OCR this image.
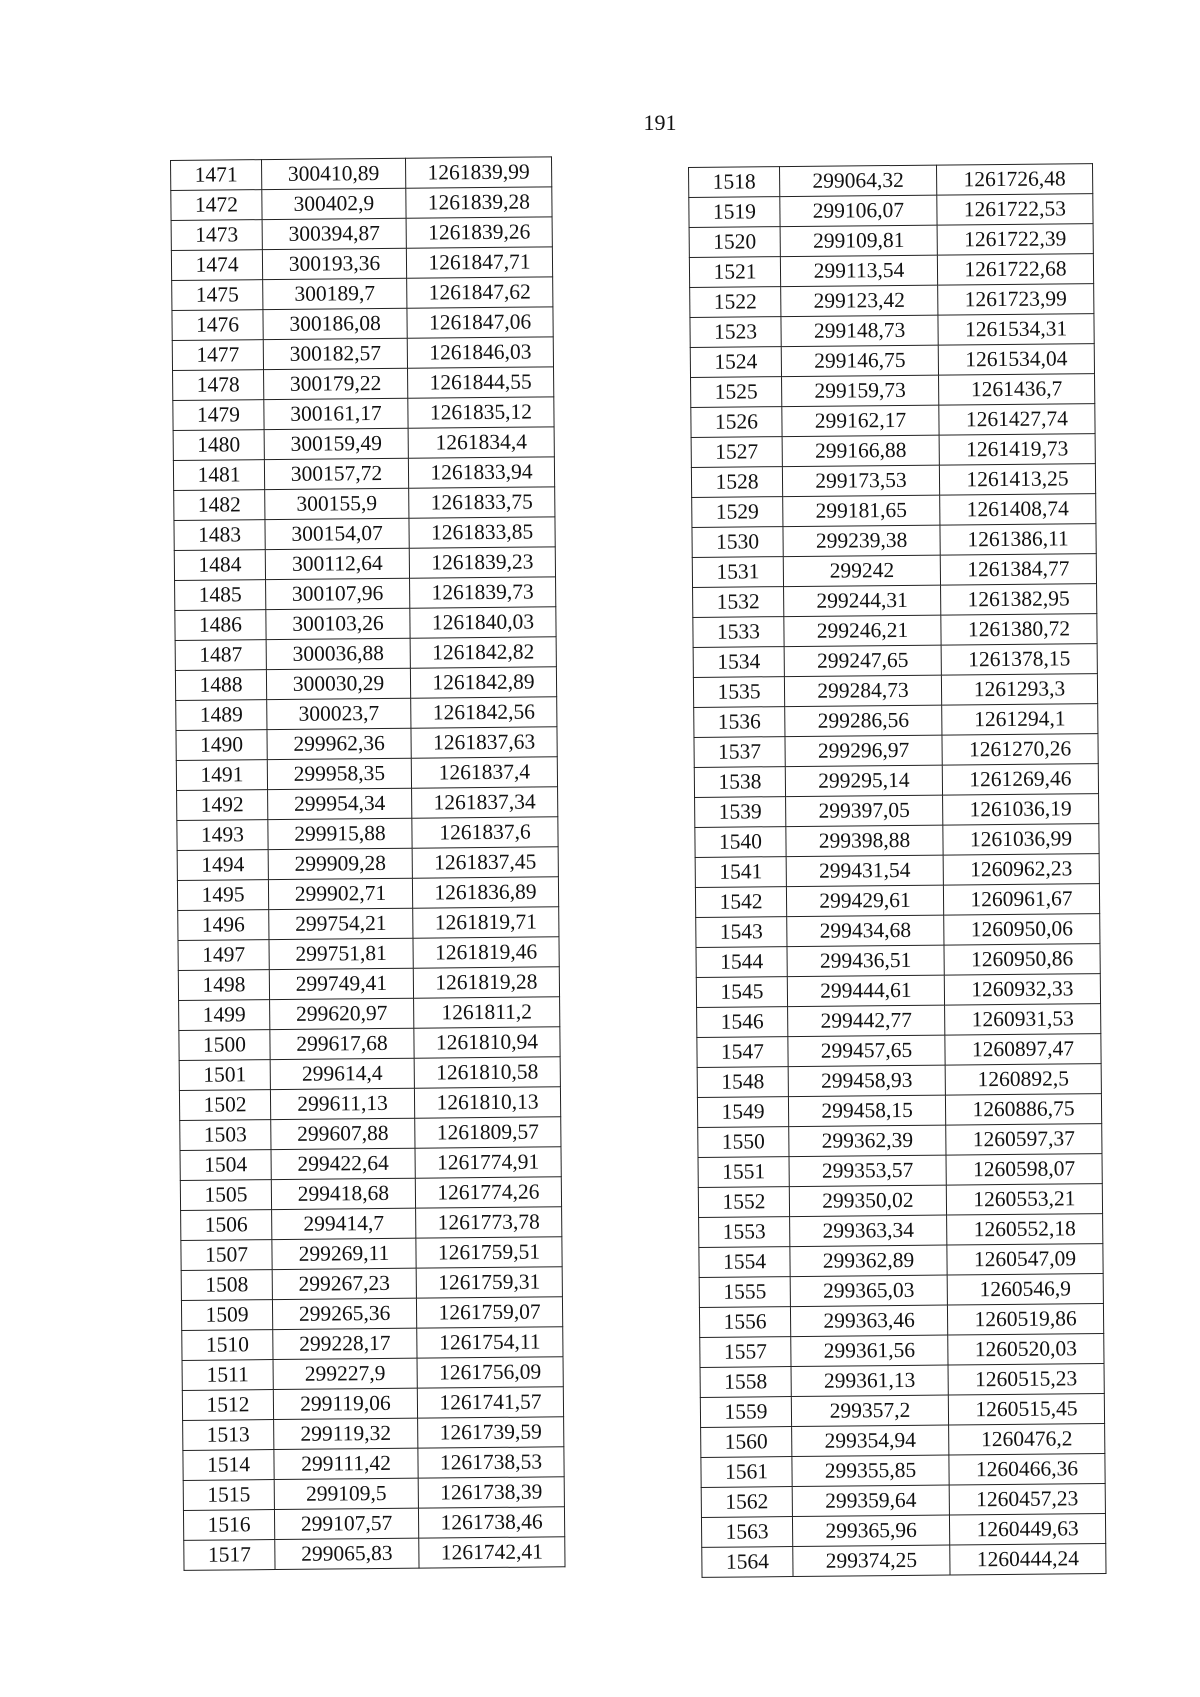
191
1471	300410,89	1261839,99
1472	300402,9	1261839,28
1473	300394,87	1261839,26
1474	300193,36	1261847,71
1475	300189,7	1261847,62
1476	300186,08	1261847,06
1477	300182,57	1261846,03
1478	300179,22	1261844,55
1479	300161,17	1261835,12
1480	300159,49	1261834,4
1481	300157,72	1261833,94
1482	300155,9	1261833,75
1483	300154,07	1261833,85
1484	300112,64	1261839,23
1485	300107,96	1261839,73
1486	300103,26	1261840,03
1487	300036,88	1261842,82
1488	300030,29	1261842,89
1489	300023,7	1261842,56
1490	299962,36	1261837,63
1491	299958,35	1261837,4
1492	299954,34	1261837,34
1493	299915,88	1261837,6
1494	299909,28	1261837,45
1495	299902,71	1261836,89
1496	299754,21	1261819,71
1497	299751,81	1261819,46
1498	299749,41	1261819,28
1499	299620,97	1261811,2
1500	299617,68	1261810,94
1501	299614,4	1261810,58
1502	299611,13	1261810,13
1503	299607,88	1261809,57
1504	299422,64	1261774,91
1505	299418,68	1261774,26
1506	299414,7	1261773,78
1507	299269,11	1261759,51
1508	299267,23	1261759,31
1509	299265,36	1261759,07
1510	299228,17	1261754,11
1511	299227,9	1261756,09
1512	299119,06	1261741,57
1513	299119,32	1261739,59
1514	299111,42	1261738,53
1515	299109,5	1261738,39
1516	299107,57	1261738,46
1517	299065,83	1261742,41
1518	299064,32	1261726,48
1519	299106,07	1261722,53
1520	299109,81	1261722,39
1521	299113,54	1261722,68
1522	299123,42	1261723,99
1523	299148,73	1261534,31
1524	299146,75	1261534,04
1525	299159,73	1261436,7
1526	299162,17	1261427,74
1527	299166,88	1261419,73
1528	299173,53	1261413,25
1529	299181,65	1261408,74
1530	299239,38	1261386,11
1531	299242	1261384,77
1532	299244,31	1261382,95
1533	299246,21	1261380,72
1534	299247,65	1261378,15
1535	299284,73	1261293,3
1536	299286,56	1261294,1
1537	299296,97	1261270,26
1538	299295,14	1261269,46
1539	299397,05	1261036,19
1540	299398,88	1261036,99
1541	299431,54	1260962,23
1542	299429,61	1260961,67
1543	299434,68	1260950,06
1544	299436,51	1260950,86
1545	299444,61	1260932,33
1546	299442,77	1260931,53
1547	299457,65	1260897,47
1548	299458,93	1260892,5
1549	299458,15	1260886,75
1550	299362,39	1260597,37
1551	299353,57	1260598,07
1552	299350,02	1260553,21
1553	299363,34	1260552,18
1554	299362,89	1260547,09
1555	299365,03	1260546,9
1556	299363,46	1260519,86
1557	299361,56	1260520,03
1558	299361,13	1260515,23
1559	299357,2	1260515,45
1560	299354,94	1260476,2
1561	299355,85	1260466,36
1562	299359,64	1260457,23
1563	299365,96	1260449,63
1564	299374,25	1260444,24
